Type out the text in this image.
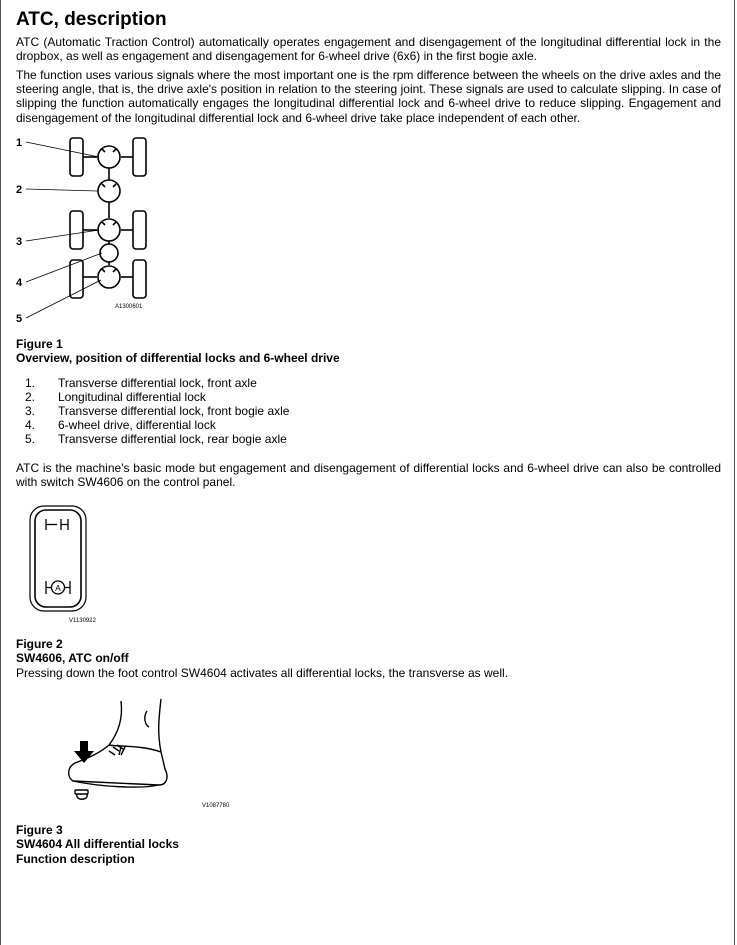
ATC, description

ATC (Automatic Traction Control) automatically operates engagement and disengagement of the longitudinal differential lock in the dropbox, as well as engagement and disengagement for 6-wheel drive (6x6) in the first bogie axle.

The function uses various signals where the most important one is the rpm difference between the wheels on the drive axles and the steering angle, that is, the drive axle's position in relation to the steering joint. These signals are used to calculate slipping. In case of slipping the function automatically engages the longitudinal differential lock and 6-wheel drive to reduce slipping. Engagement and disengagement of the longitudinal differential lock and 6-wheel drive take place independent of each other.

1
2
3
4
5
A1300601

Figure 1

Overview, position of differential locks and 6-wheel drive

1.	Transverse differential lock, front axle
2.	Longitudinal differential lock
3.	Transverse differential lock, front bogie axle
4.	6-wheel drive, differential lock
5.	Transverse differential lock, rear bogie axle

ATC is the machine's basic mode but engagement and disengagement of differential locks and 6-wheel drive can also be controlled with switch SW4606 on the control panel.

A
V1130922

Figure 2

SW4606, ATC on/off

Pressing down the foot control SW4604 activates all differential locks, the transverse as well.

V1087780

Figure 3

SW4604 All differential locks

Function description
